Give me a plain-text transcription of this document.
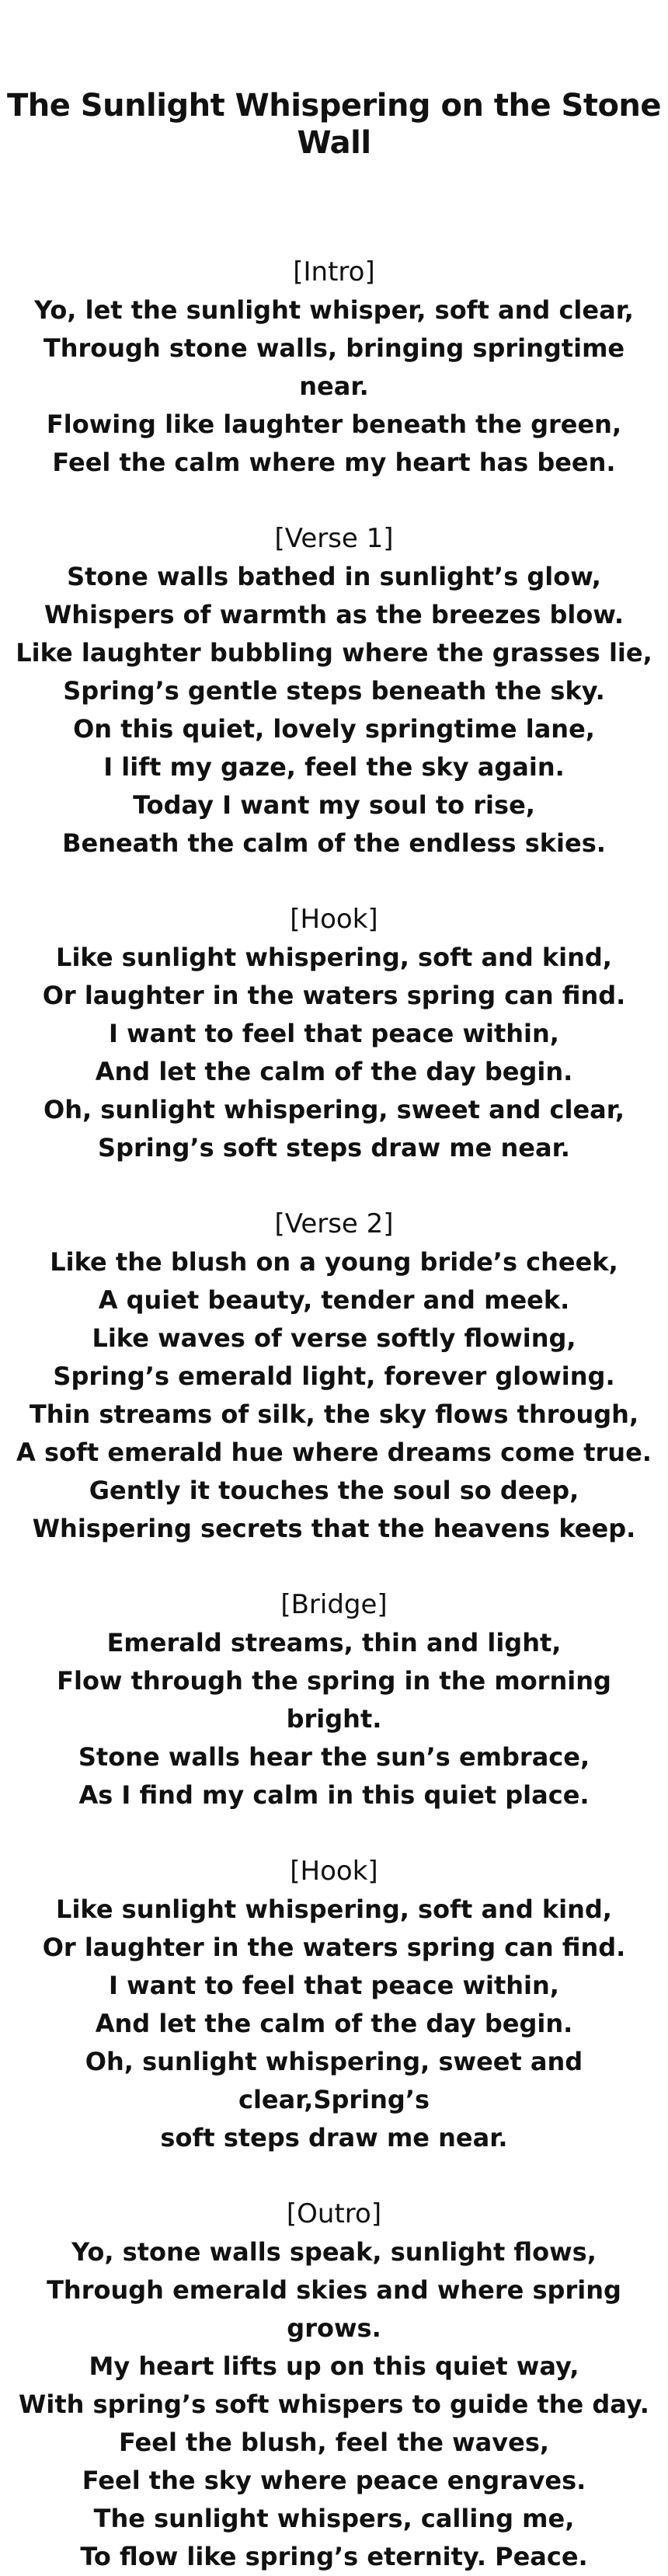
The Sunlight Whispering on the Stone Wall
[Intro]
Yo, let the sunlight whisper, soft and clear,
Through stone walls, bringing springtime near.
Flowing like laughter beneath the green,
Feel the calm where my heart has been.
[Verse 1]
Stone walls bathed in sunlight’s glow,
Whispers of warmth as the breezes blow.
Like laughter bubbling where the grasses lie,
Spring’s gentle steps beneath the sky.
On this quiet, lovely springtime lane,
I lift my gaze, feel the sky again.
Today I want my soul to rise,
Beneath the calm of the endless skies.
[Hook]
Like sunlight whispering, soft and kind,
Or laughter in the waters spring can find.
I want to feel that peace within,
And let the calm of the day begin.
Oh, sunlight whispering, sweet and clear,
Spring’s soft steps draw me near.
[Verse 2]
Like the blush on a young bride’s cheek,
A quiet beauty, tender and meek.
Like waves of verse softly flowing,
Spring’s emerald light, forever glowing.
Thin streams of silk, the sky flows through,
A soft emerald hue where dreams come true.
Gently it touches the soul so deep,
Whispering secrets that the heavens keep.
[Bridge]
Emerald streams, thin and light,
Flow through the spring in the morning bright.
Stone walls hear the sun’s embrace,
As I find my calm in this quiet place.
[Hook]
Like sunlight whispering, soft and kind,
Or laughter in the waters spring can find.
I want to feel that peace within,
And let the calm of the day begin.
Oh, sunlight whispering, sweet and clear,Spring’s
soft steps draw me near.
[Outro]
Yo, stone walls speak, sunlight flows,
Through emerald skies and where spring grows.
My heart lifts up on this quiet way,
With spring’s soft whispers to guide the day.
Feel the blush, feel the waves,
Feel the sky where peace engraves.
The sunlight whispers, calling me,
To flow like spring’s eternity. Peace.
